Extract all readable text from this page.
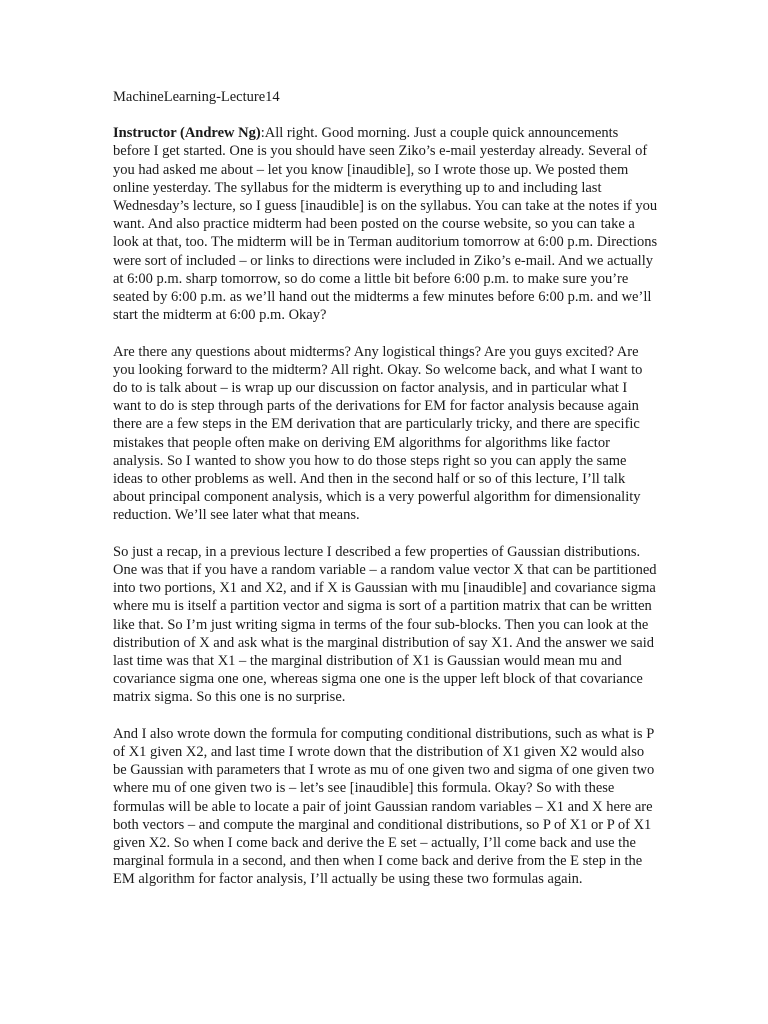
MachineLearning-Lecture14

Instructor (Andrew Ng):All right. Good morning. Just a couple quick announcements before I get started. One is you should have seen Ziko’s e-mail yesterday already. Several of you had asked me about – let you know [inaudible], so I wrote those up. We posted them online yesterday. The syllabus for the midterm is everything up to and including last Wednesday’s lecture, so I guess [inaudible] is on the syllabus. You can take at the notes if you want. And also practice midterm had been posted on the course website, so you can take a look at that, too. The midterm will be in Terman auditorium tomorrow at 6:00 p.m. Directions were sort of included – or links to directions were included in Ziko’s e-mail. And we actually at 6:00 p.m. sharp tomorrow, so do come a little bit before 6:00 p.m. to make sure you’re seated by 6:00 p.m. as we’ll hand out the midterms a few minutes before 6:00 p.m. and we’ll start the midterm at 6:00 p.m. Okay?

Are there any questions about midterms? Any logistical things? Are you guys excited? Are you looking forward to the midterm? All right. Okay. So welcome back, and what I want to do to is talk about – is wrap up our discussion on factor analysis, and in particular what I want to do is step through parts of the derivations for EM for factor analysis because again there are a few steps in the EM derivation that are particularly tricky, and there are specific mistakes that people often make on deriving EM algorithms for algorithms like factor analysis. So I wanted to show you how to do those steps right so you can apply the same ideas to other problems as well. And then in the second half or so of this lecture, I’ll talk about principal component analysis, which is a very powerful algorithm for dimensionality reduction. We’ll see later what that means.

So just a recap, in a previous lecture I described a few properties of Gaussian distributions. One was that if you have a random variable – a random value vector X that can be partitioned into two portions, X1 and X2, and if X is Gaussian with mu [inaudible] and covariance sigma where mu is itself a partition vector and sigma is sort of a partition matrix that can be written like that. So I’m just writing sigma in terms of the four sub-blocks. Then you can look at the distribution of X and ask what is the marginal distribution of say X1. And the answer we said last time was that X1 – the marginal distribution of X1 is Gaussian would mean mu and covariance sigma one one, whereas sigma one one is the upper left block of that covariance matrix sigma. So this one is no surprise.

And I also wrote down the formula for computing conditional distributions, such as what is P of X1 given X2, and last time I wrote down that the distribution of X1 given X2 would also be Gaussian with parameters that I wrote as mu of one given two and sigma of one given two where mu of one given two is – let’s see [inaudible] this formula. Okay? So with these formulas will be able to locate a pair of joint Gaussian random variables – X1 and X here are both vectors – and compute the marginal and conditional distributions, so P of X1 or P of X1 given X2. So when I come back and derive the E set – actually, I’ll come back and use the marginal formula in a second, and then when I come back and derive from the E step in the EM algorithm for factor analysis, I’ll actually be using these two formulas again.
